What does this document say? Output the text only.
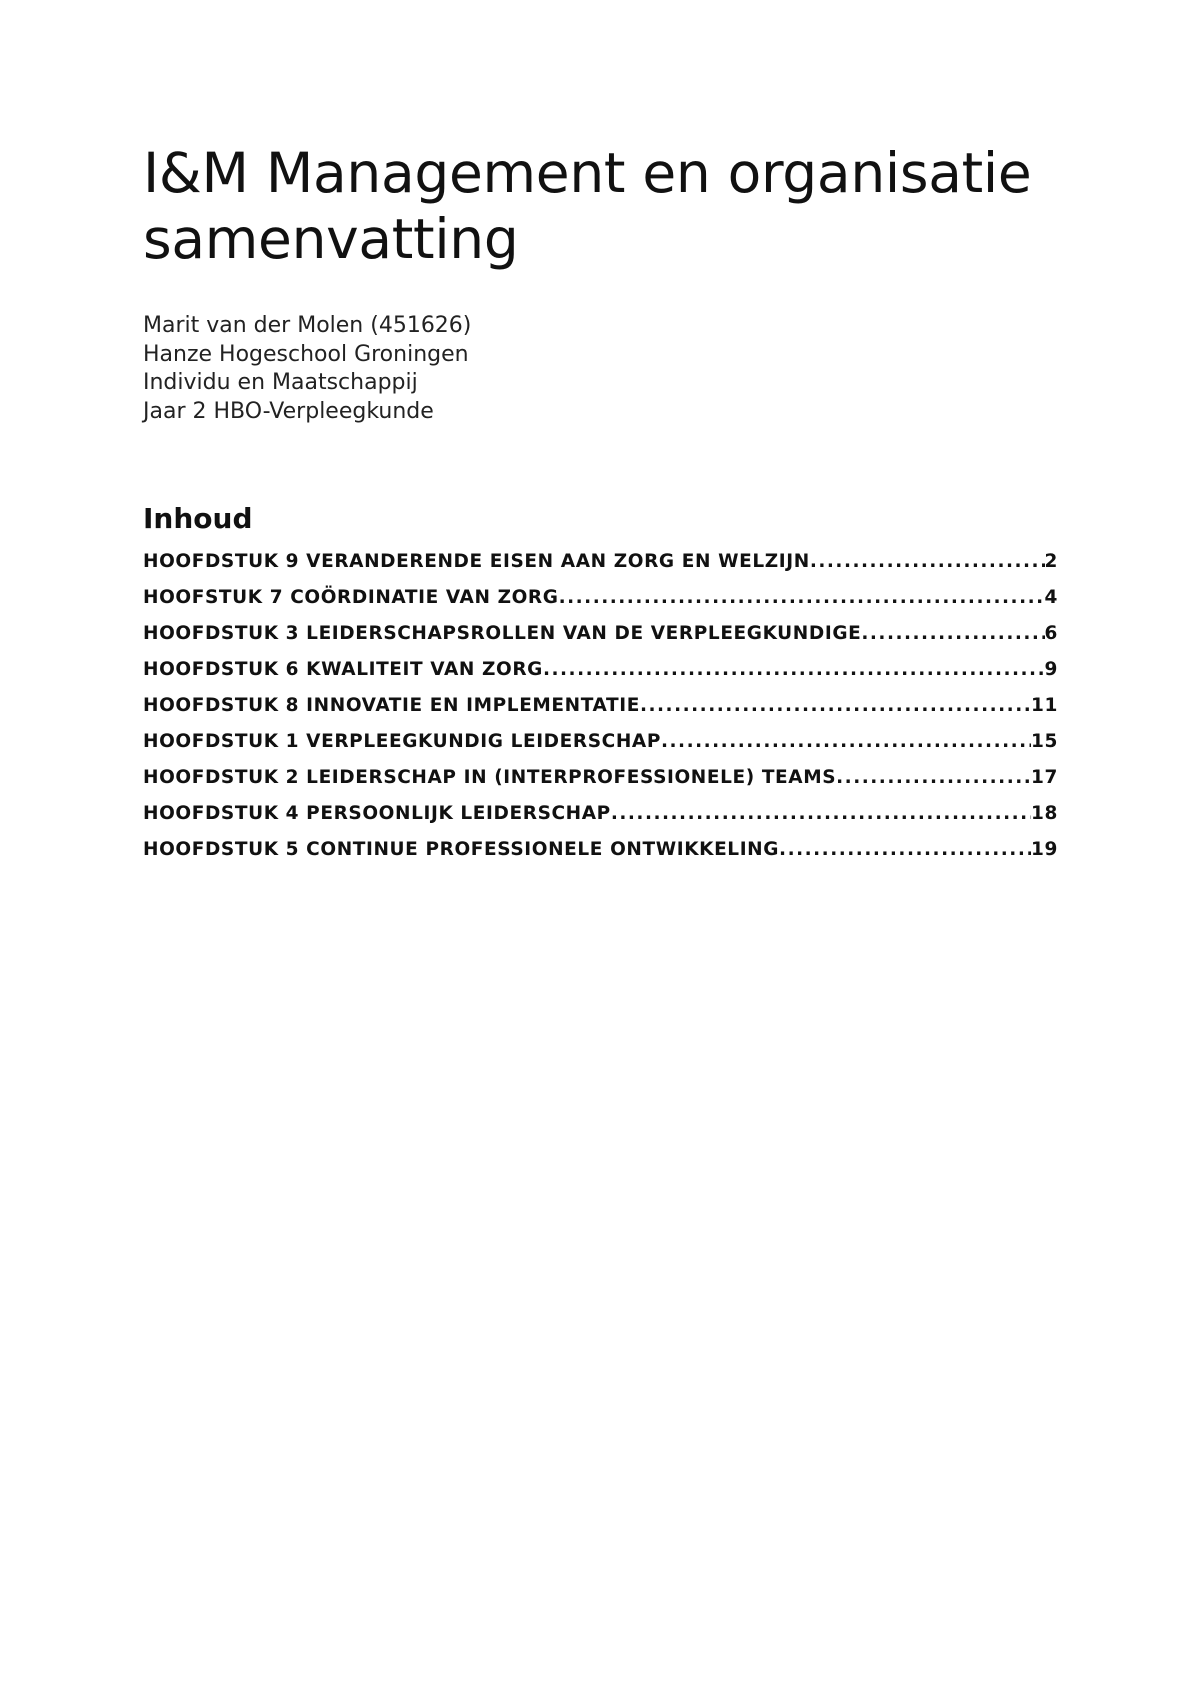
I&M Management en organisatie samenvatting
Marit van der Molen (451626)
Hanze Hogeschool Groningen
Individu en Maatschappij
Jaar 2 HBO-Verpleegkunde
Inhoud
HOOFDSTUK 9 VERANDERENDE EISEN AAN ZORG EN WELZIJN .....	2
HOOFSTUK 7 COÖRDINATIE VAN ZORG .....	4
HOOFDSTUK 3 LEIDERSCHAPSROLLEN VAN DE VERPLEEGKUNDIGE .....	6
HOOFDSTUK 6 KWALITEIT VAN ZORG .....	9
HOOFDSTUK 8 INNOVATIE EN IMPLEMENTATIE .....	11
HOOFDSTUK 1 VERPLEEGKUNDIG LEIDERSCHAP .....	15
HOOFDSTUK 2 LEIDERSCHAP IN (INTERPROFESSIONELE) TEAMS .....	17
HOOFDSTUK 4 PERSOONLIJK LEIDERSCHAP .....	18
HOOFDSTUK 5 CONTINUE PROFESSIONELE ONTWIKKELING .....	19
